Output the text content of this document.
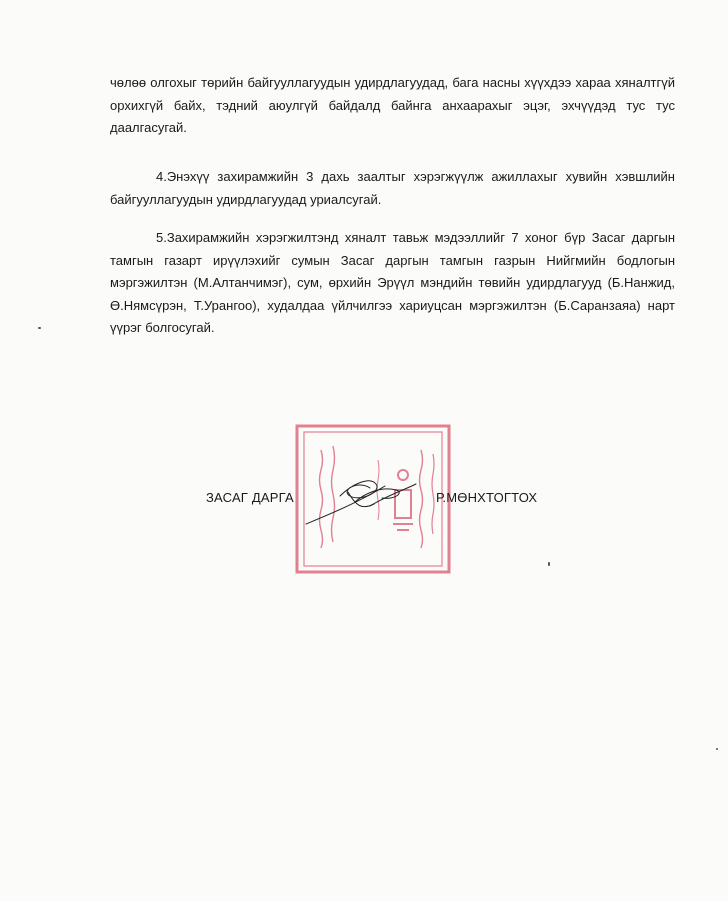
чөлөө олгохыг төрийн байгууллагуудын удирдлагуудад, бага насны хүүхдээ хараа хяналтгүй орхихгүй байх, тэдний аюулгүй байдалд байнга анхаарахыг эцэг, эхчүүдэд тус тус даалгасугай.

4.Энэхүү захирамжийн 3 дахь заалтыг хэрэгжүүлж ажиллахыг хувийн хэвшлийн байгууллагуудын удирдлагуудад уриалсугай.

5.Захирамжийн хэрэгжилтэнд хяналт тавьж мэдээллийг 7 хоног бүр Засаг даргын тамгын газарт ирүүлэхийг сумын Засаг даргын тамгын газрын Нийгмийн бодлогын мэргэжилтэн (М.Алтанчимэг), сум, өрхийн Эрүүл мэндийн төвийн удирдлагууд (Б.Нанжид, Ө.Нямсүрэн, Т.Урангоо), худалдаа үйлчилгээ хариуцсан мэргэжилтэн (Б.Саранзаяа) нарт үүрэг болгосугай.

ЗАСАГ ДАРГА	Р.МӨНХТОГТОХ
